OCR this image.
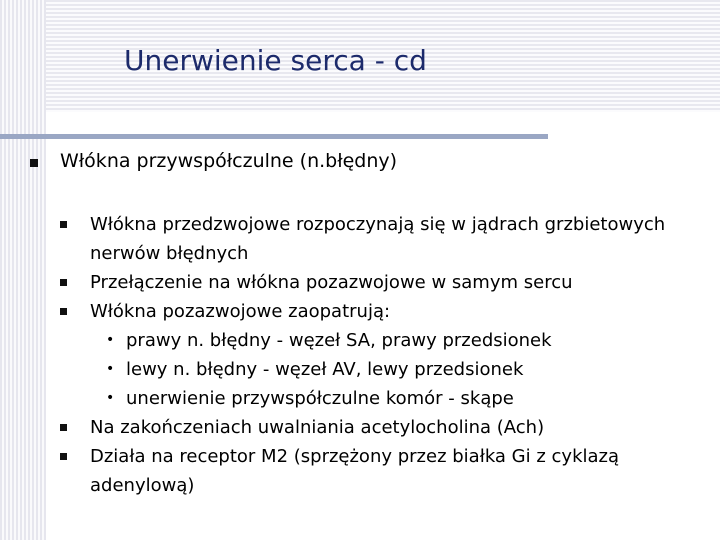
Unerwienie serca - cd
Włókna przywspółczulne (n.błędny)
Włókna przedzwojowe rozpoczynają się w jądrach grzbietowych nerwów błędnych
Przełączenie na włókna pozazwojowe w samym sercu
Włókna pozazwojowe zaopatrują:
• prawy n. błędny - węzeł SA, prawy przedsionek
• lewy n. błędny - węzeł AV, lewy przedsionek
• unerwienie przywspółczulne komór - skąpe
Na zakończeniach uwalniania acetylocholina (Ach)
Działa na receptor M2 (sprzężony przez białka Gi z cyklazą adenylową)
